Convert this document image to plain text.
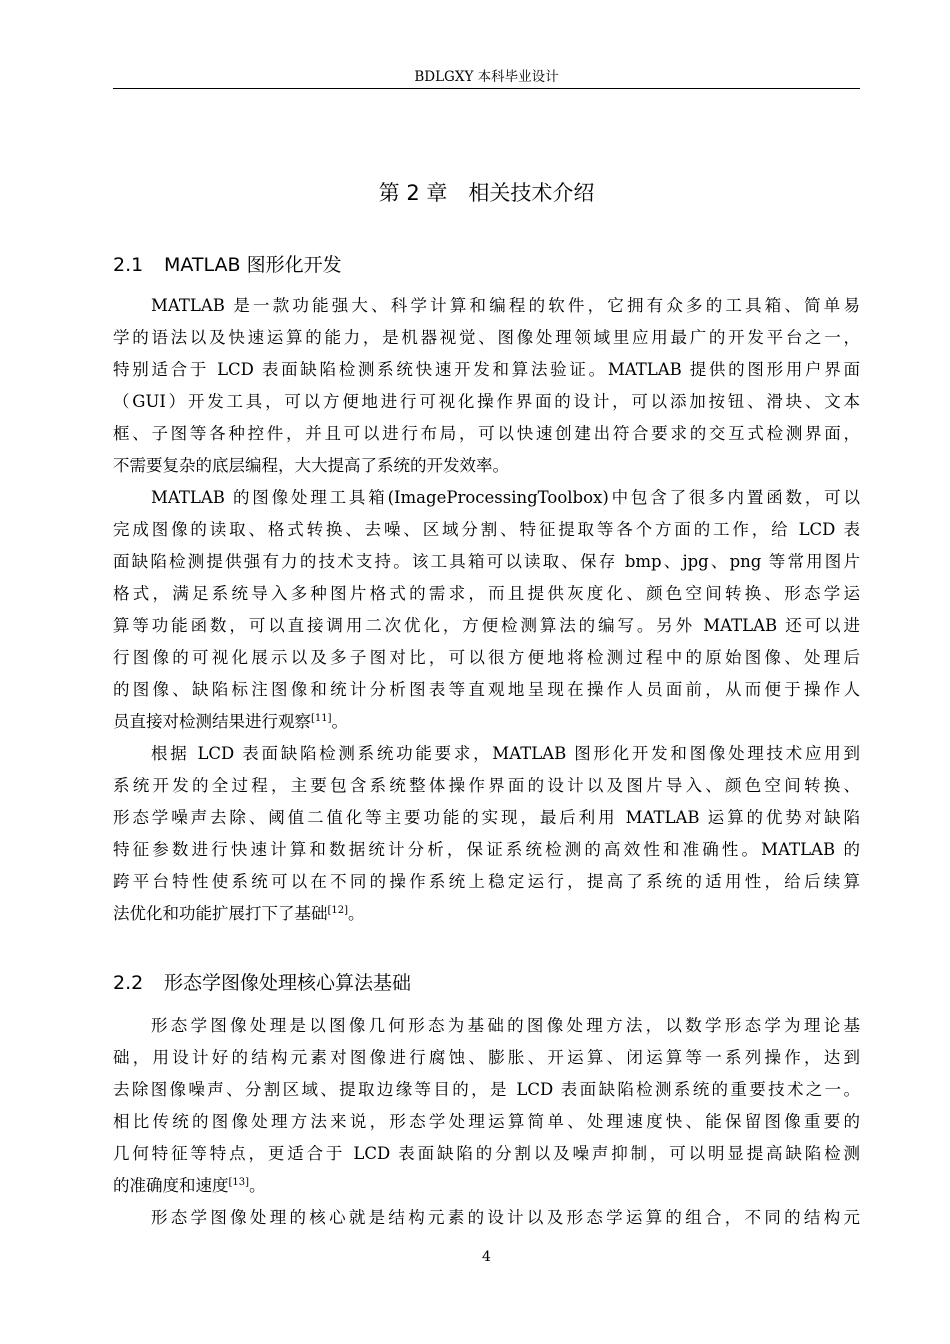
BDLGXY 本科毕业设计
第 2 章　相关技术介绍
2.1 MATLAB 图形化开发
MATLAB 是一款功能强大、科学计算和编程的软件，它拥有众多的工具箱、简单易
学的语法以及快速运算的能力，是机器视觉、图像处理领域里应用最广的开发平台之一，
特别适合于 LCD 表面缺陷检测系统快速开发和算法验证。MATLAB 提供的图形用户界面
（GUI）开发工具，可以方便地进行可视化操作界面的设计，可以添加按钮、滑块、文本
框、子图等各种控件，并且可以进行布局，可以快速创建出符合要求的交互式检测界面，
不需要复杂的底层编程，大大提高了系统的开发效率。
MATLAB 的图像处理工具箱(ImageProcessingToolbox)中包含了很多内置函数，可以
完成图像的读取、格式转换、去噪、区域分割、特征提取等各个方面的工作，给 LCD 表
面缺陷检测提供强有力的技术支持。该工具箱可以读取、保存 bmp、jpg、png 等常用图片
格式，满足系统导入多种图片格式的需求，而且提供灰度化、颜色空间转换、形态学运
算等功能函数，可以直接调用二次优化，方便检测算法的编写。另外 MATLAB 还可以进
行图像的可视化展示以及多子图对比，可以很方便地将检测过程中的原始图像、处理后
的图像、缺陷标注图像和统计分析图表等直观地呈现在操作人员面前，从而便于操作人
员直接对检测结果进行观察[11]。
根据 LCD 表面缺陷检测系统功能要求，MATLAB 图形化开发和图像处理技术应用到
系统开发的全过程，主要包含系统整体操作界面的设计以及图片导入、颜色空间转换、
形态学噪声去除、阈值二值化等主要功能的实现，最后利用 MATLAB 运算的优势对缺陷
特征参数进行快速计算和数据统计分析，保证系统检测的高效性和准确性。MATLAB 的
跨平台特性使系统可以在不同的操作系统上稳定运行，提高了系统的适用性，给后续算
法优化和功能扩展打下了基础[12]。
2.2 形态学图像处理核心算法基础
形态学图像处理是以图像几何形态为基础的图像处理方法，以数学形态学为理论基
础，用设计好的结构元素对图像进行腐蚀、膨胀、开运算、闭运算等一系列操作，达到
去除图像噪声、分割区域、提取边缘等目的，是 LCD 表面缺陷检测系统的重要技术之一。
相比传统的图像处理方法来说，形态学处理运算简单、处理速度快、能保留图像重要的
几何特征等特点，更适合于 LCD 表面缺陷的分割以及噪声抑制，可以明显提高缺陷检测
的准确度和速度[13]。
形态学图像处理的核心就是结构元素的设计以及形态学运算的组合，不同的结构元
4
